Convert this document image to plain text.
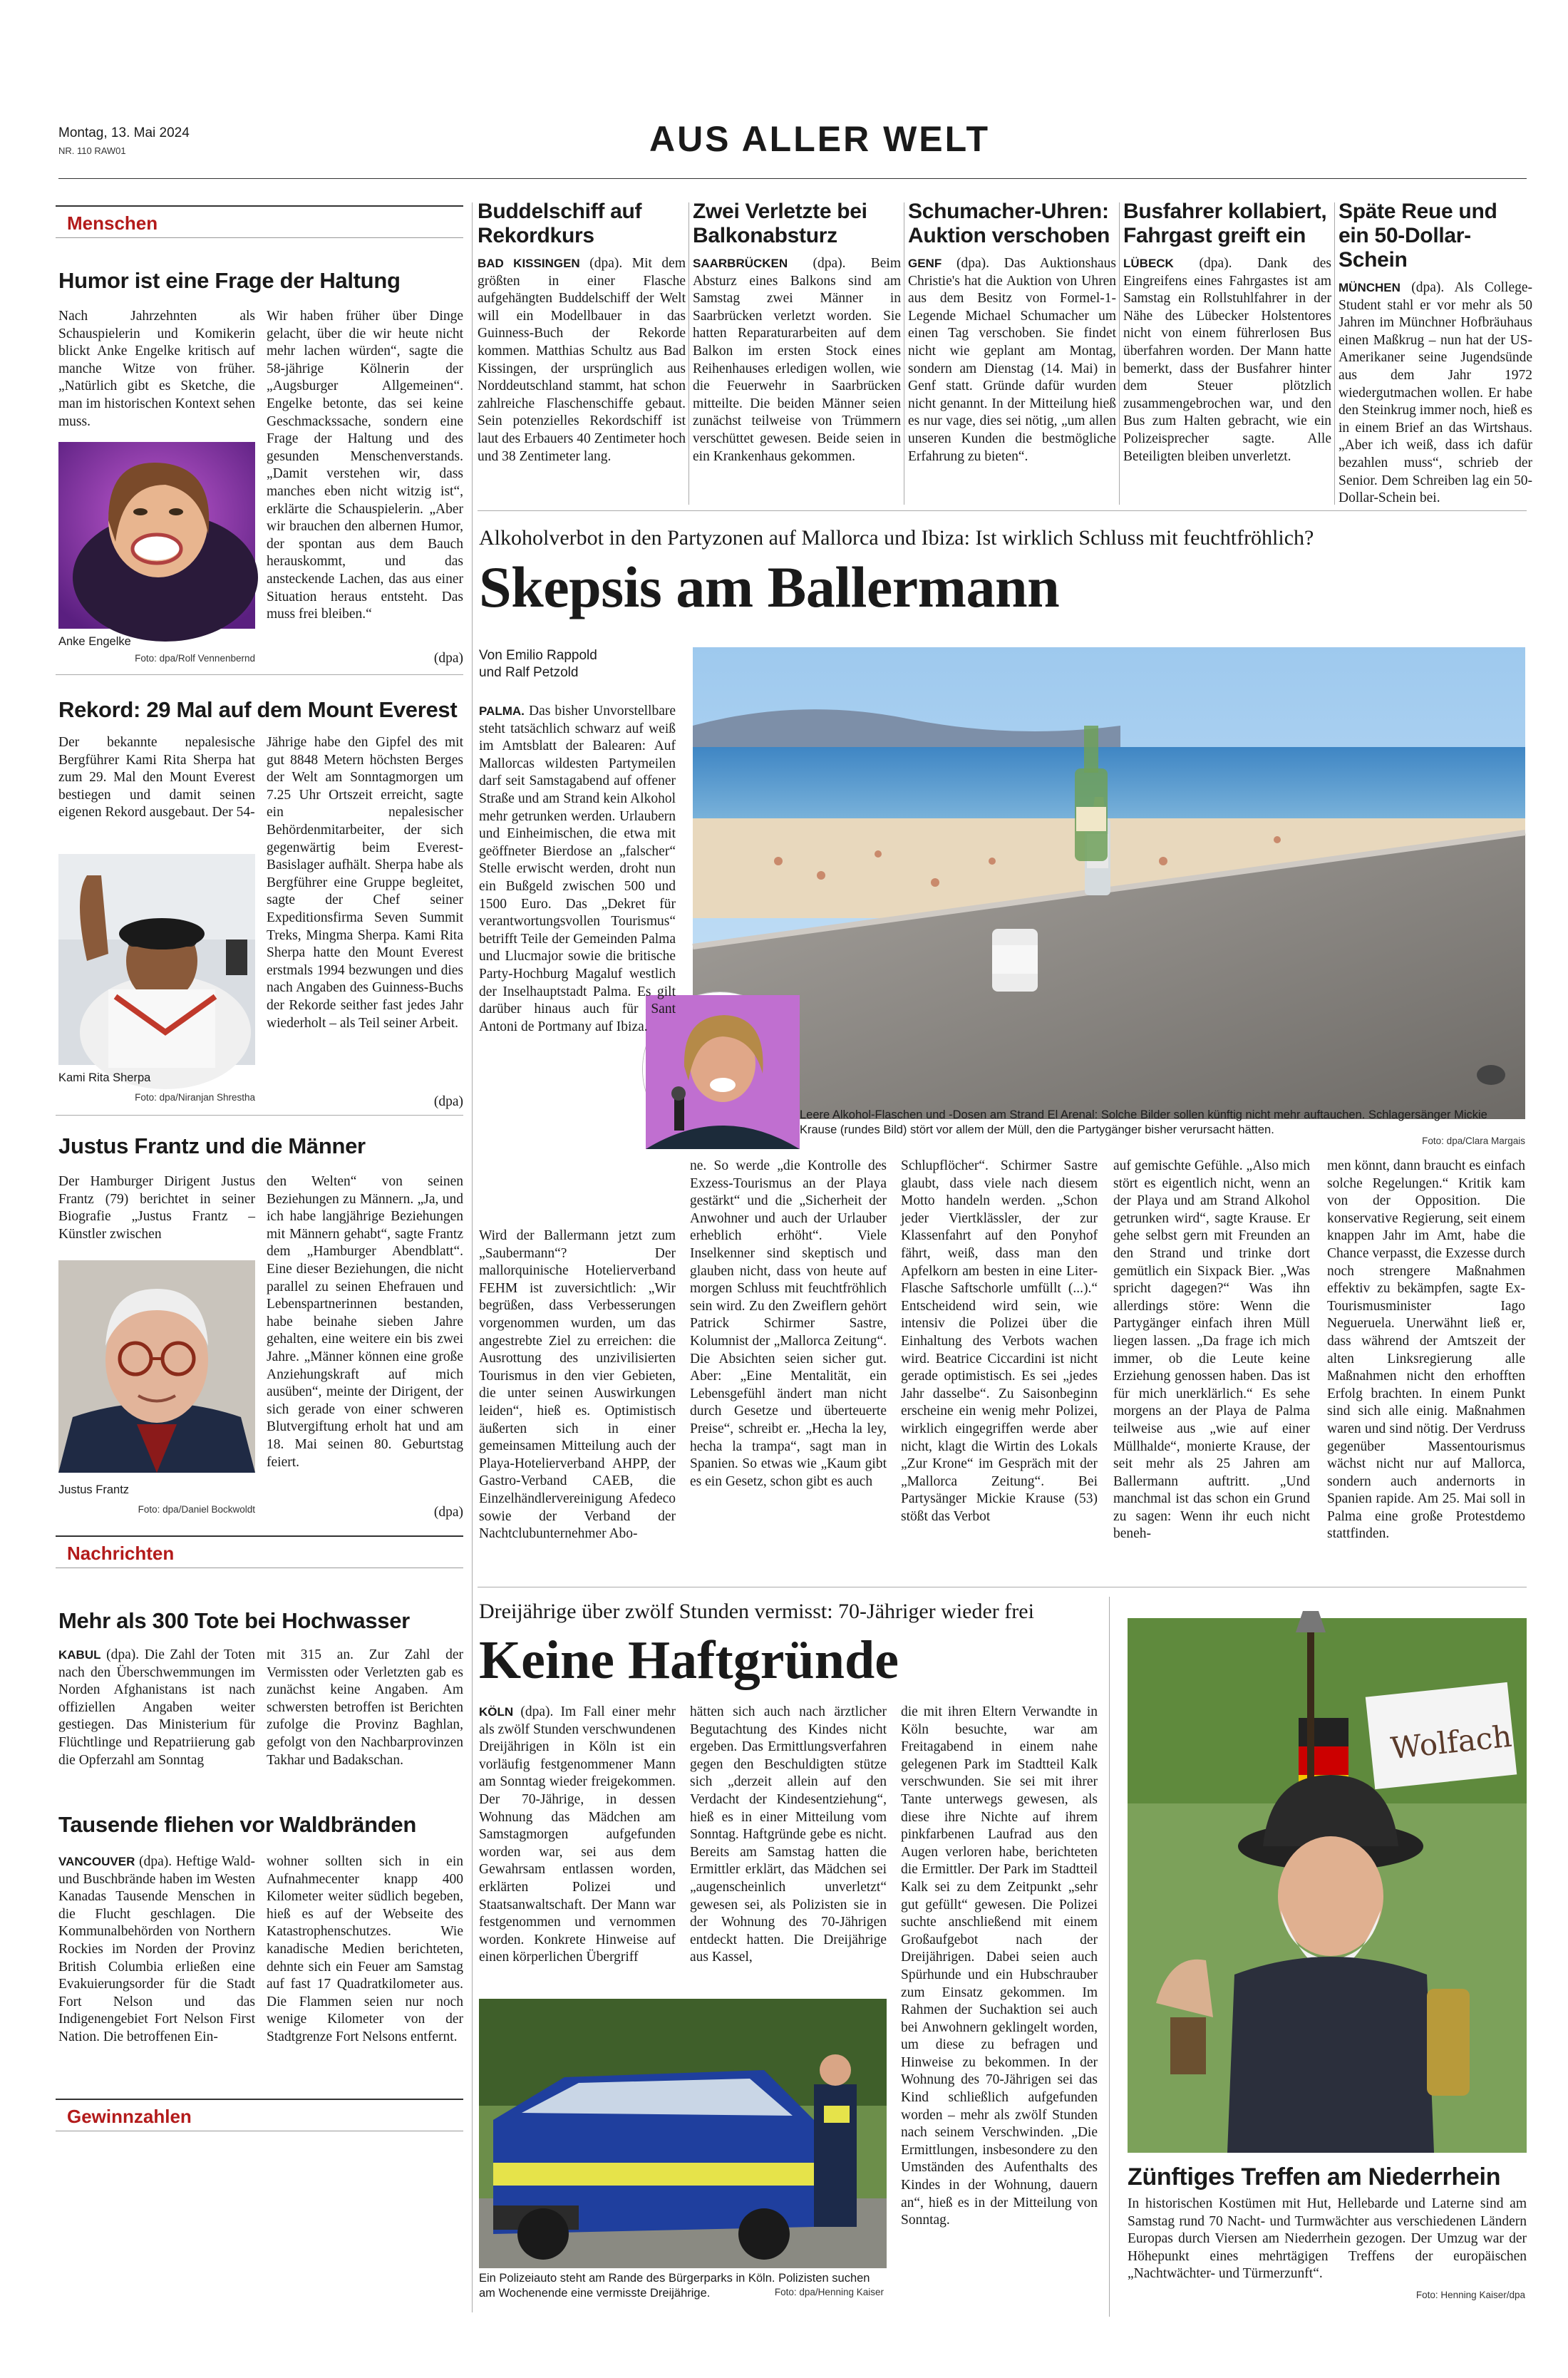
Montag, 13. Mai 2024
NR. 110 RAW01	AUS ALLER WELT
Menschen
Humor ist eine Frage der Haltung
Nach Jahrzehnten als Schauspielerin und Komikerin blickt Anke Engelke kritisch auf manche Witze von früher. „Natürlich gibt es Sketche, die man im historischen Kontext sehen muss.
Anke Engelke
Foto: dpa/Rolf Vennenbernd
Wir haben früher über Dinge gelacht, über die wir heute nicht mehr lachen würden“, sagte die 58-jährige Kölnerin der „Augsburger Allgemeinen“. Engelke betonte, das sei keine Geschmackssache, sondern eine Frage der Haltung und des gesunden Menschenverstands. „Damit verstehen wir, dass manches eben nicht witzig ist“, erklärte die Schauspielerin. „Aber wir brauchen den albernen Humor, der spontan aus dem Bauch herauskommt, und das ansteckende Lachen, das aus einer Situation heraus entsteht. Das muss frei bleiben.“
(dpa)
Rekord: 29 Mal auf dem Mount Everest
Der bekannte nepalesische Bergführer Kami Rita Sherpa hat zum 29. Mal den Mount Everest bestiegen und damit seinen eigenen Rekord ausgebaut. Der 54-
Kami Rita Sherpa
Foto: dpa/Niranjan Shrestha
Jährige habe den Gipfel des mit gut 8848 Metern höchsten Berges der Welt am Sonntagmorgen um 7.25 Uhr Ortszeit erreicht, sagte ein nepalesischer Behördenmitarbeiter, der sich gegenwärtig beim Everest-Basislager aufhält. Sherpa habe als Bergführer eine Gruppe begleitet, sagte der Chef seiner Expeditionsfirma Seven Summit Treks, Mingma Sherpa. Kami Rita Sherpa hatte den Mount Everest erstmals 1994 bezwungen und dies nach Angaben des Guinness-Buchs der Rekorde seither fast jedes Jahr wiederholt – als Teil seiner Arbeit.
(dpa)
Justus Frantz und die Männer
Der Hamburger Dirigent Justus Frantz (79) berichtet in seiner Biografie „Justus Frantz – Künstler zwischen
Justus Frantz
Foto: dpa/Daniel Bockwoldt
den Welten“ von seinen Beziehungen zu Männern. „Ja, und ich habe langjährige Beziehungen mit Männern gehabt“, sagte Frantz dem „Hamburger Abendblatt“. Eine dieser Beziehungen, die nicht parallel zu seinen Ehefrauen und Lebenspartnerinnen bestanden, habe beinahe sieben Jahre gehalten, eine weitere ein bis zwei Jahre. „Männer können eine große Anziehungskraft auf mich ausüben“, meinte der Dirigent, der sich gerade von einer schweren Blutvergiftung erholt hat und am 18. Mai seinen 80. Geburtstag feiert.
(dpa)
Nachrichten
Mehr als 300 Tote bei Hochwasser
KABUL (dpa). Die Zahl der Toten nach den Überschwemmungen im Norden Afghanistans ist nach offiziellen Angaben weiter gestiegen. Das Ministerium für Flüchtlinge und Repatriierung gab die Opferzahl am Sonntag
mit 315 an. Zur Zahl der Vermissten oder Verletzten gab es zunächst keine Angaben. Am schwersten betroffen ist Berichten zufolge die Provinz Baghlan, gefolgt von den Nachbarprovinzen Takhar und Badakschan.
Tausende fliehen vor Waldbränden
VANCOUVER (dpa). Heftige Wald- und Buschbrände haben im Westen Kanadas Tausende Menschen in die Flucht geschlagen. Die Kommunalbehörden von Northern Rockies im Norden der Provinz British Columbia erließen eine Evakuierungsorder für die Stadt Fort Nelson und das Indigenengebiet Fort Nelson First Nation. Die betroffenen Ein-
wohner sollten sich in ein Aufnahmecenter knapp 400 Kilometer weiter südlich begeben, hieß es auf der Webseite des Katastrophenschutzes. Wie kanadische Medien berichteten, dehnte sich ein Feuer am Samstag auf fast 17 Quadratkilometer aus. Die Flammen seien nur noch wenige Kilometer von der Stadtgrenze Fort Nelsons entfernt.
Gewinnzahlen
Buddelschiff auf Rekordkurs
BAD KISSINGEN (dpa). Mit dem größten in einer Flasche aufgehängten Buddelschiff der Welt will ein Modellbauer in das Guinness-Buch der Rekorde kommen. Matthias Schultz aus Bad Kissingen, der ursprünglich aus Norddeutschland stammt, hat schon zahlreiche Flaschenschiffe gebaut. Sein potenzielles Rekordschiff ist laut des Erbauers 40 Zentimeter hoch und 38 Zentimeter lang.
Zwei Verletzte bei Balkonabsturz
SAARBRÜCKEN (dpa). Beim Absturz eines Balkons sind am Samstag zwei Männer in Saarbrücken verletzt worden. Sie hatten Reparaturarbeiten auf dem Balkon im ersten Stock eines Reihenhauses erledigen wollen, wie die Feuerwehr in Saarbrücken mitteilte. Die beiden Männer seien zunächst teilweise von Trümmern verschüttet gewesen. Beide seien in ein Krankenhaus gekommen.
Schumacher-Uhren: Auktion verschoben
GENF (dpa). Das Auktionshaus Christie's hat die Auktion von Uhren aus dem Besitz von Formel-1-Legende Michael Schumacher um einen Tag verschoben. Sie findet nicht wie geplant am Montag, sondern am Dienstag (14. Mai) in Genf statt. Gründe dafür wurden nicht genannt. In der Mitteilung hieß es nur vage, dies sei nötig, „um allen unseren Kunden die bestmögliche Erfahrung zu bieten“.
Busfahrer kollabiert, Fahrgast greift ein
LÜBECK (dpa). Dank des Eingreifens eines Fahrgastes ist am Samstag ein Rollstuhlfahrer in der Nähe des Lübecker Holstentores nicht von einem führerlosen Bus überfahren worden. Der Mann hatte bemerkt, dass der Busfahrer hinter dem Steuer plötzlich zusammengebrochen war, und den Bus zum Halten gebracht, wie ein Polizeisprecher sagte. Alle Beteiligten bleiben unverletzt.
Späte Reue und ein 50-Dollar-Schein
MÜNCHEN (dpa). Als College-Student stahl er vor mehr als 50 Jahren im Münchner Hofbräuhaus einen Maßkrug – nun hat der US-Amerikaner seine Jugendsünde aus dem Jahr 1972 wiedergutmachen wollen. Er habe den Steinkrug immer noch, hieß es in einem Brief an das Wirtshaus. „Aber ich weiß, dass ich dafür bezahlen muss“, schrieb der Senior. Dem Schreiben lag ein 50-Dollar-Schein bei.
Alkoholverbot in den Partyzonen auf Mallorca und Ibiza: Ist wirklich Schluss mit feuchtfröhlich?
Skepsis am Ballermann
Von Emilio Rappold
und Ralf Petzold
PALMA. Das bisher Unvorstellbare steht tatsächlich schwarz auf weiß im Amtsblatt der Balearen: Auf Mallorcas wildesten Partymeilen darf seit Samstagabend auf offener Straße und am Strand kein Alkohol mehr getrunken werden. Urlaubern und Einheimischen, die etwa mit geöffneter Bierdose an „falscher“ Stelle erwischt werden, droht nun ein Bußgeld zwischen 500 und 1500 Euro. Das „Dekret für verantwortungsvollen Tourismus“ betrifft Teile der Gemeinden Palma und Llucmajor sowie die britische Party-Hochburg Magaluf westlich der Inselhauptstadt Palma. Es gilt darüber hinaus auch für Sant Antoni de Portmany auf Ibiza.
Wird der Ballermann jetzt zum „Saubermann“? Der mallorquinische Hotelierverband FEHM ist zuversichtlich: „Wir begrüßen, dass Verbesserungen vorgenommen wurden, um das angestrebte Ziel zu erreichen: die Ausrottung des unzivilisierten Tourismus in den vier Gebieten, die unter seinen Auswirkungen leiden“, hieß es. Optimistisch äußerten sich in einer gemeinsamen Mitteilung auch der Playa-Hotelierverband AHPP, der Gastro-Verband CAEB, die Einzelhändlervereinigung Afedeco sowie der Verband der Nachtclubunternehmer Abo-
ne. So werde „die Kontrolle des Exzess-Tourismus an der Playa gestärkt“ und die „Sicherheit der Anwohner und auch der Urlauber erheblich erhöht“. Viele Inselkenner sind skeptisch und glauben nicht, dass von heute auf morgen Schluss mit feuchtfröhlich sein wird. Zu den Zweiflern gehört Patrick Schirmer Sastre, Kolumnist der „Mallorca Zeitung“. Die Absichten seien sicher gut. Aber: „Eine Mentalität, ein Lebensgefühl ändert man nicht durch Gesetze und überteuerte Preise“, schreibt er. „Hecha la ley, hecha la trampa“, sagt man in Spanien. So etwas wie „Kaum gibt es ein Gesetz, schon gibt es auch
Schlupflöcher“. Schirmer Sastre glaubt, dass viele nach diesem Motto handeln werden. „Schon jeder Viertklässler, der zur Klassenfahrt auf den Ponyhof fährt, weiß, dass man den Apfelkorn am besten in eine Liter-Flasche Saftschorle umfüllt (...).“ Entscheidend wird sein, wie intensiv die Polizei über die Einhaltung des Verbots wachen wird. Beatrice Ciccardini ist nicht gerade optimistisch. Es sei „jedes Jahr dasselbe“. Zu Saisonbeginn erscheine ein wenig mehr Polizei, wirklich eingegriffen werde aber nicht, klagt die Wirtin des Lokals „Zur Krone“ im Gespräch mit der „Mallorca Zeitung“. Bei Partysänger Mickie Krause (53) stößt das Verbot
auf gemischte Gefühle. „Also mich stört es eigentlich nicht, wenn an der Playa und am Strand Alkohol getrunken wird“, sagte Krause. Er gehe selbst gern mit Freunden an den Strand und trinke dort gemütlich ein Sixpack Bier. „Was spricht dagegen?“ Was ihn allerdings störe: Wenn die Partygänger einfach ihren Müll liegen lassen. „Da frage ich mich immer, ob die Leute keine Erziehung genossen haben. Das ist für mich unerklärlich.“ Es sehe morgens an der Playa de Palma teilweise aus „wie auf einer Müllhalde“, monierte Krause, der seit mehr als 25 Jahren am Ballermann auftritt. „Und manchmal ist das schon ein Grund zu sagen: Wenn ihr euch nicht beneh-
men könnt, dann braucht es einfach solche Regelungen.“ Kritik kam von der Opposition. Die konservative Regierung, seit einem knappen Jahr im Amt, habe die Chance verpasst, die Exzesse durch noch strengere Maßnahmen effektiv zu bekämpfen, sagte Ex-Tourismusminister Iago Negueruela. Unerwähnt ließ er, dass während der Amtszeit der alten Linksregierung alle Maßnahmen nicht den erhofften Erfolg brachten. In einem Punkt sind sich alle einig. Maßnahmen waren und sind nötig. Der Verdruss gegenüber Massentourismus wächst nicht nur auf Mallorca, sondern auch andernorts in Spanien rapide. Am 25. Mai soll in Palma eine große Protestdemo stattfinden.
Leere Alkohol-Flaschen und -Dosen am Strand El Arenal: Solche Bilder sollen künftig nicht mehr auftauchen. Schlagersänger Mickie Krause (rundes Bild) stört vor allem der Müll, den die Partygänger bisher verursacht hätten.
Foto: dpa/Clara Margais
Dreijährige über zwölf Stunden vermisst: 70-Jähriger wieder frei
Keine Haftgründe
KÖLN (dpa). Im Fall einer mehr als zwölf Stunden verschwundenen Dreijährigen in Köln ist ein vorläufig festgenommener Mann am Sonntag wieder freigekommen. Der 70-Jährige, in dessen Wohnung das Mädchen am Samstagmorgen aufgefunden worden war, sei aus dem Gewahrsam entlassen worden, erklärten Polizei und Staatsanwaltschaft. Der Mann war festgenommen und vernommen worden. Konkrete Hinweise auf einen körperlichen Übergriff
hätten sich auch nach ärztlicher Begutachtung des Kindes nicht ergeben. Das Ermittlungsverfahren gegen den Beschuldigten stütze sich „derzeit allein auf den Verdacht der Kindesentziehung“, hieß es in einer Mitteilung vom Sonntag. Haftgründe gebe es nicht. Bereits am Samstag hatten die Ermittler erklärt, das Mädchen sei „augenscheinlich unverletzt“ gewesen sei, als Polizisten sie in der Wohnung des 70-Jährigen entdeckt hatten. Die Dreijährige aus Kassel,
die mit ihren Eltern Verwandte in Köln besuchte, war am Freitagabend in einem nahe gelegenen Park im Stadtteil Kalk verschwunden. Sie sei mit ihrer Tante unterwegs gewesen, als diese ihre Nichte auf ihrem pinkfarbenen Laufrad aus den Augen verloren habe, berichteten die Ermittler. Der Park im Stadtteil Kalk sei zu dem Zeitpunkt „sehr gut gefüllt“ gewesen. Die Polizei suchte anschließend mit einem Großaufgebot nach der Dreijährigen. Dabei seien auch Spürhunde und ein Hubschrauber zum Einsatz gekommen. Im Rahmen der Suchaktion sei auch bei Anwohnern geklingelt worden, um diese zu befragen und Hinweise zu bekommen. In der Wohnung des 70-Jährigen sei das Kind schließlich aufgefunden worden – mehr als zwölf Stunden nach seinem Verschwinden. „Die Ermittlungen, insbesondere zu den Umständen des Aufenthalts des Kindes in der Wohnung, dauern an“, hieß es in der Mitteilung von Sonntag.
Ein Polizeiauto steht am Rande des Bürgerparks in Köln. Polizisten suchen am Wochenende eine vermisste Dreijährige.	Foto: dpa/Henning Kaiser
Wolfach
Zünftiges Treffen am Niederrhein
In historischen Kostümen mit Hut, Hellebarde und Laterne sind am Samstag rund 70 Nacht- und Turmwächter aus verschiedenen Ländern Europas durch Viersen am Niederrhein gezogen. Der Umzug war der Höhepunkt eines mehrtägigen Treffens der europäischen „Nachtwächter- und Türmerzunft“.
Foto: Henning Kaiser/dpa
